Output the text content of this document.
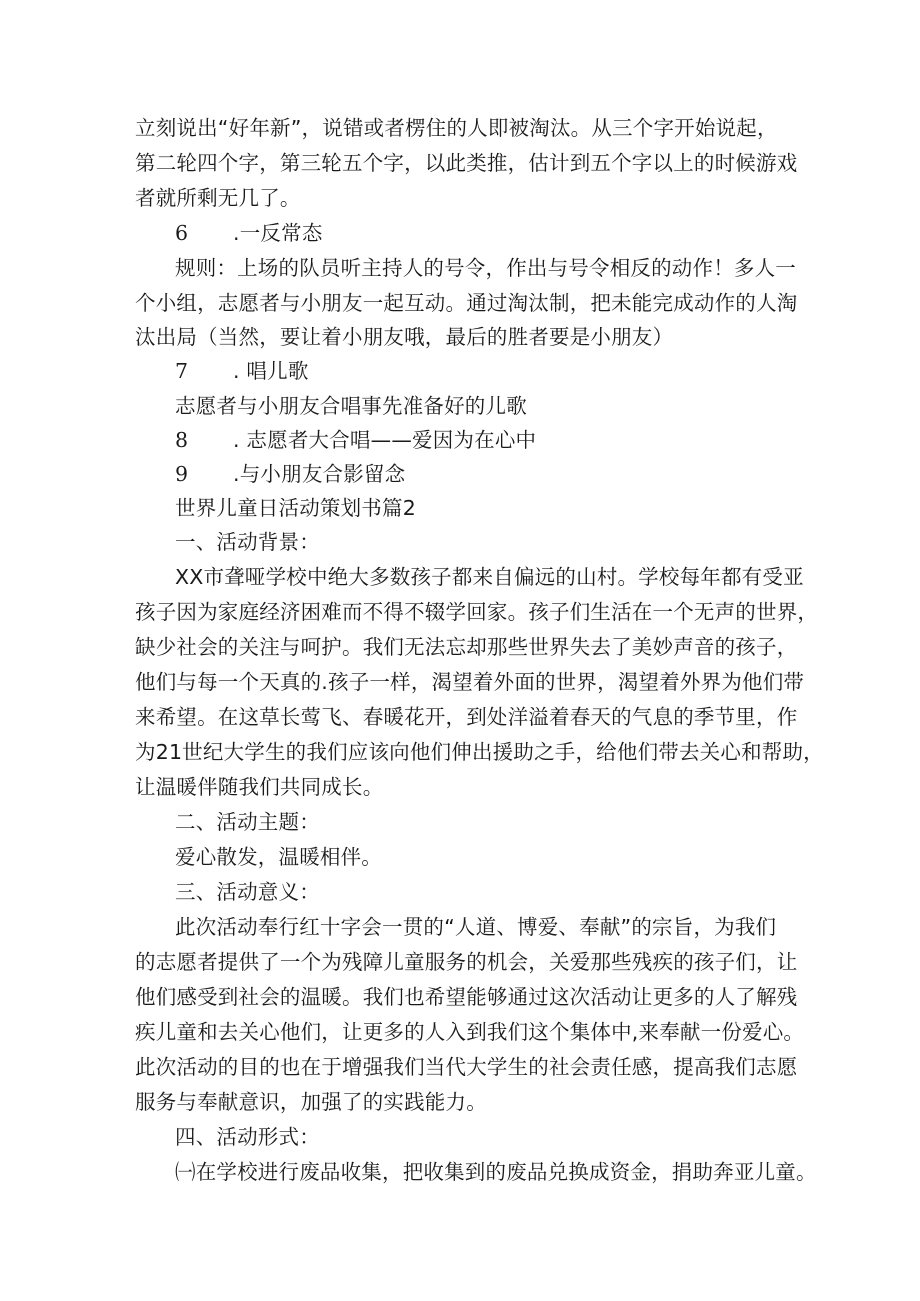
立刻说出“好年新”，说错或者楞住的人即被淘汰。从三个字开始说起，
第二轮四个字，第三轮五个字，以此类推，估计到五个字以上的时候游戏
者就所剩无几了。
6 .一反常态
规则：上场的队员听主持人的号令，作出与号令相反的动作！多人一
个小组，志愿者与小朋友一起互动。通过淘汰制，把未能完成动作的人淘
汰出局（当然，要让着小朋友哦，最后的胜者要是小朋友）
7 . 唱儿歌
志愿者与小朋友合唱事先准备好的儿歌
8 . 志愿者大合唱——爱因为在心中
9 .与小朋友合影留念
世界儿童日活动策划书篇2
一、活动背景：
XX市聋哑学校中绝大多数孩子都来自偏远的山村。学校每年都有受亚
孩子因为家庭经济困难而不得不辍学回家。孩子们生活在一个无声的世界，
缺少社会的关注与呵护。我们无法忘却那些世界失去了美妙声音的孩子，
他们与每一个天真的.孩子一样，渴望着外面的世界，渴望着外界为他们带
来希望。在这草长莺飞、春暖花开，到处洋溢着春天的气息的季节里，作
为21世纪大学生的我们应该向他们伸出援助之手，给他们带去关心和帮助，
让温暖伴随我们共同成长。
二、活动主题：
爱心散发，温暖相伴。
三、活动意义：
此次活动奉行红十字会一贯的“人道、博爱、奉献”的宗旨，为我们
的志愿者提供了一个为残障儿童服务的机会，关爱那些残疾的孩子们，让
他们感受到社会的温暖。我们也希望能够通过这次活动让更多的人了解残
疾儿童和去关心他们，让更多的人入到我们这个集体中,来奉献一份爱心。
此次活动的目的也在于增强我们当代大学生的社会责任感，提高我们志愿
服务与奉献意识，加强了的实践能力。
四、活动形式：
㈠在学校进行废品收集，把收集到的废品兑换成资金，捐助奔亚儿童。
